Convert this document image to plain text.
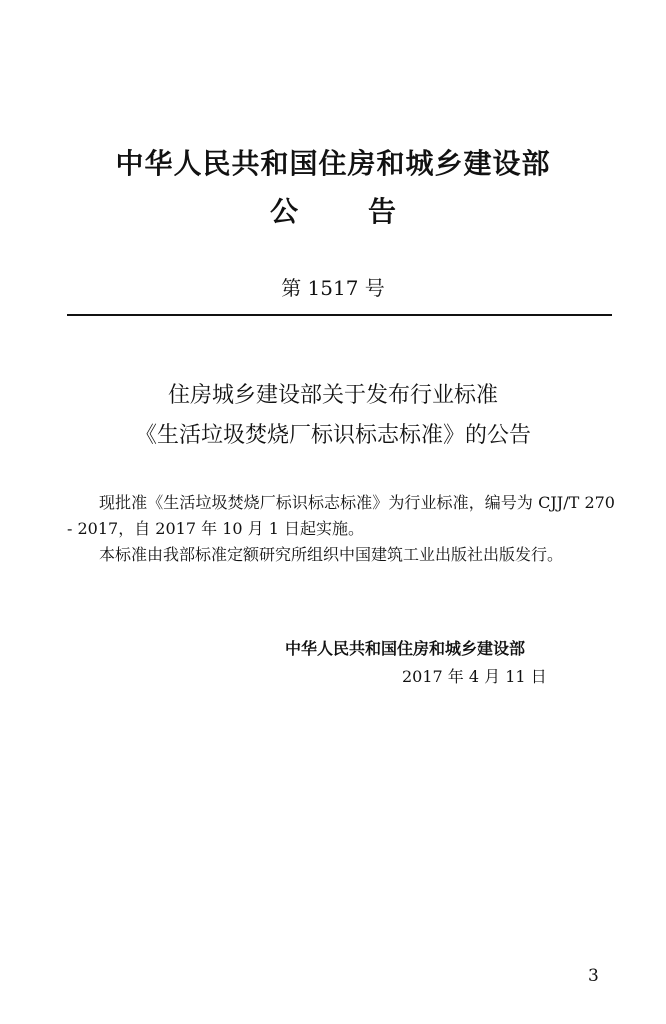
中华人民共和国住房和城乡建设部
公告
第 1517 号
住房城乡建设部关于发布行业标准
《生活垃圾焚烧厂标识标志标准》的公告

现批准《生活垃圾焚烧厂标识标志标准》为行业标准，编号为 CJJ/T 270 - 2017，自 2017 年 10 月 1 日起实施。

本标准由我部标准定额研究所组织中国建筑工业出版社出版发行。

中华人民共和国住房和城乡建设部
2017 年 4 月 11 日
3
